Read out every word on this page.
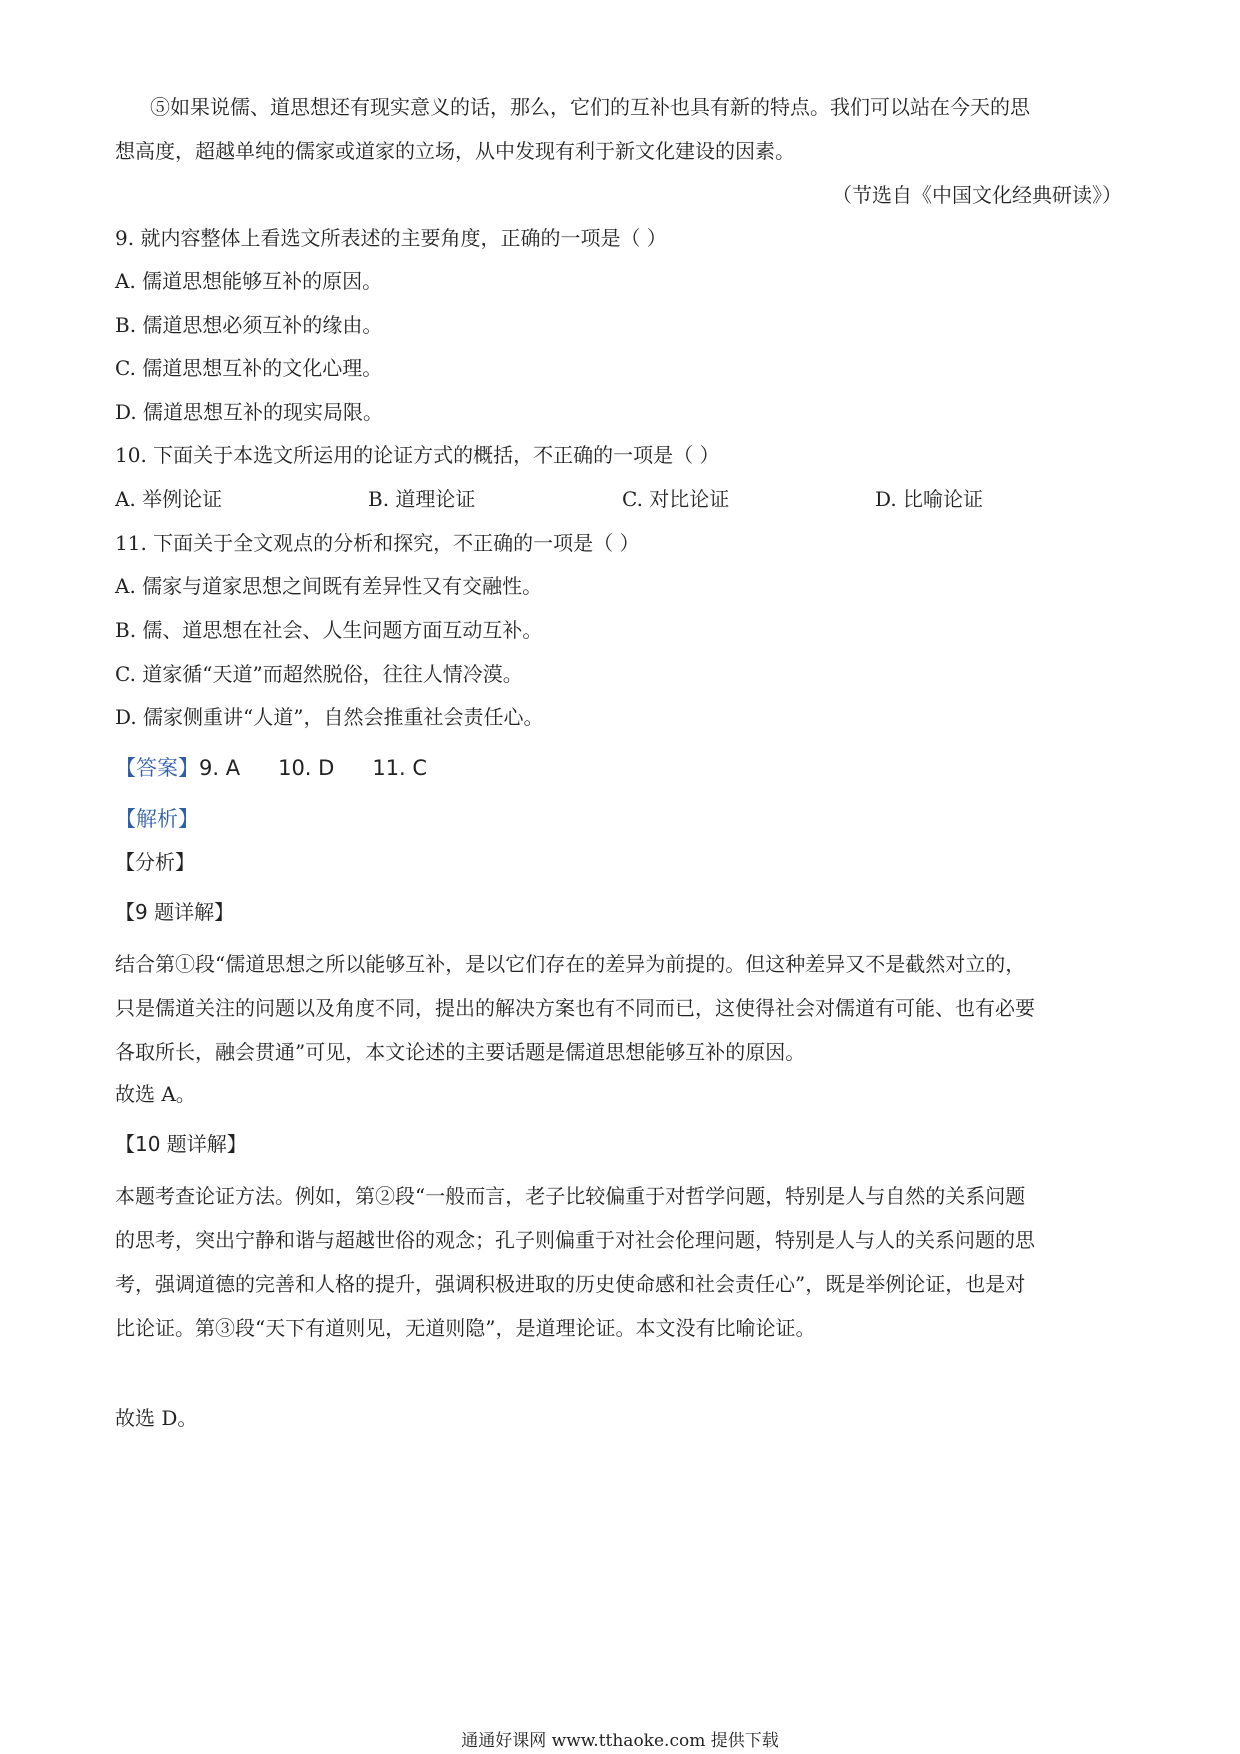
⑤如果说儒、道思想还有现实意义的话，那么，它们的互补也具有新的特点。我们可以站在今天的思
想高度，超越单纯的儒家或道家的立场，从中发现有利于新文化建设的因素。
（节选自《中国文化经典研读》）
9. 就内容整体上看选文所表述的主要角度，正确的一项是（ ）
A. 儒道思想能够互补的原因。
B. 儒道思想必须互补的缘由。
C. 儒道思想互补的文化心理。
D. 儒道思想互补的现实局限。
10. 下面关于本选文所运用的论证方式的概括，不正确的一项是（ ）
A. 举例论证	B. 道理论证	C. 对比论证	D. 比喻论证
11. 下面关于全文观点的分析和探究，不正确的一项是（ ）
A. 儒家与道家思想之间既有差异性又有交融性。
B. 儒、道思想在社会、人生问题方面互动互补。
C. 道家循“天道”而超然脱俗，往往人情冷漠。
D. 儒家侧重讲“人道”，自然会推重社会责任心。
【答案】9. A 10. D 11. C
【解析】
【分析】
【9 题详解】
结合第①段“儒道思想之所以能够互补，是以它们存在的差异为前提的。但这种差异又不是截然对立的，
只是儒道关注的问题以及角度不同，提出的解决方案也有不同而已，这使得社会对儒道有可能、也有必要
各取所长，融会贯通”可见，本文论述的主要话题是儒道思想能够互补的原因。
故选 A。
【10 题详解】
本题考查论证方法。例如，第②段“一般而言，老子比较偏重于对哲学问题，特别是人与自然的关系问题
的思考，突出宁静和谐与超越世俗的观念；孔子则偏重于对社会伦理问题，特别是人与人的关系问题的思
考，强调道德的完善和人格的提升，强调积极进取的历史使命感和社会责任心”，既是举例论证，也是对
比论证。第③段“天下有道则见，无道则隐”，是道理论证。本文没有比喻论证。
故选 D。
通通好课网 www.tthaoke.com 提供下载
